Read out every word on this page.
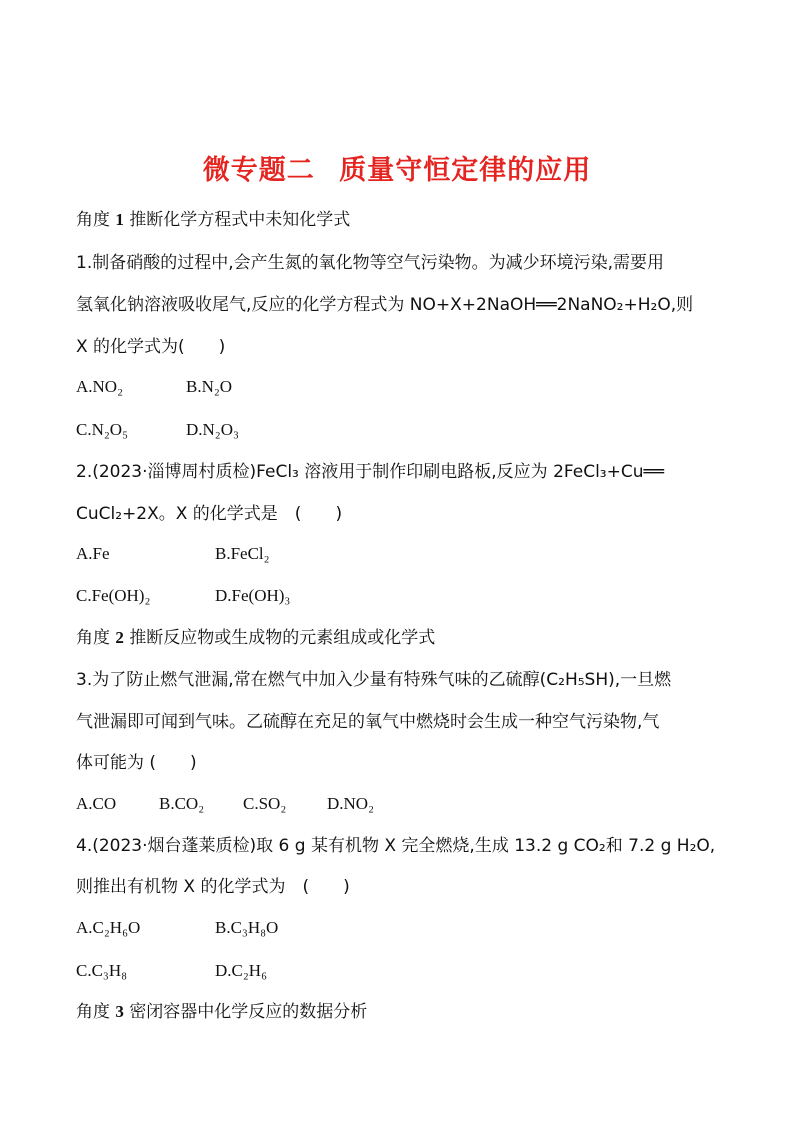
微专题二 质量守恒定律的应用

角度 1 推断化学方程式中未知化学式

1.制备硝酸的过程中,会产生氮的氧化物等空气污染物。为减少环境污染,需要用

氢氧化钠溶液吸收尾气,反应的化学方程式为 NO+X+2NaOH══2NaNO₂+H₂O,则

X 的化学式为(　　)

A.NO₂	B.N₂O

C.N₂O₅	D.N₂O₃

2.(2023·淄博周村质检)FeCl₃ 溶液用于制作印刷电路板,反应为 2FeCl₃+Cu══

CuCl₂+2X。X 的化学式是　(　　)

A.Fe	B.FeCl₂

C.Fe(OH)₂	D.Fe(OH)₃

角度 2 推断反应物或生成物的元素组成或化学式

3.为了防止燃气泄漏,常在燃气中加入少量有特殊气味的乙硫醇(C₂H₅SH),一旦燃

气泄漏即可闻到气味。乙硫醇在充足的氧气中燃烧时会生成一种空气污染物,气

体可能为 (　　)

A.CO	B.CO₂ C.SO₂ D.NO₂

4.(2023·烟台蓬莱质检)取 6 g 某有机物 X 完全燃烧,生成 13.2 g CO₂和 7.2 g H₂O,

则推出有机物 X 的化学式为　(　　)

A.C₂H₆O	B.C₃H₈O

C.C₃H₈	D.C₂H₆

角度 3 密闭容器中化学反应的数据分析
